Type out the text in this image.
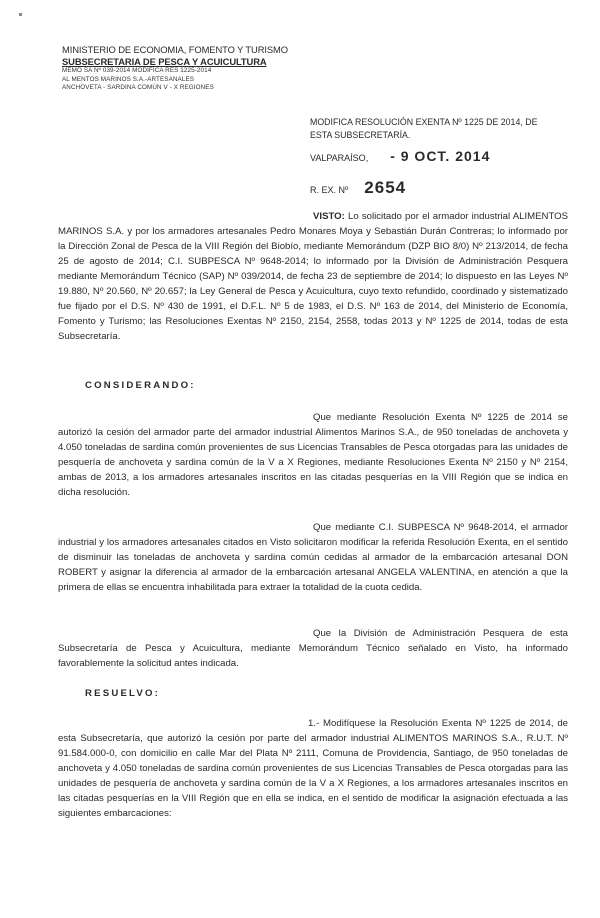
MINISTERIO DE ECONOMIA, FOMENTO Y TURISMO
SUBSECRETARIA DE PESCA Y ACUICULTURA
MEMO SA Nº 039-2014 MODIFICA RES 1225-2014
AL MENTOS MARINOS S.A.-ARTESANALES
ANCHOVETA - SARDINA COMÚN V - X REGIONES
MODIFICA RESOLUCIÓN EXENTA Nº 1225 DE 2014, DE ESTA SUBSECRETARÍA.
VALPARAÍSO, - 9 OCT. 2014
R. EX. Nº 2654
VISTO: Lo solicitado por el armador industrial ALIMENTOS MARINOS S.A. y por los armadores artesanales Pedro Monares Moya y Sebastián Durán Contreras; lo informado por la Dirección Zonal de Pesca de la VIII Región del Biobío, mediante Memorándum (DZP BIO 8/0) Nº 213/2014, de fecha 25 de agosto de 2014; C.I. SUBPESCA Nº 9648-2014; lo informado por la División de Administración Pesquera mediante Memorándum Técnico (SAP) Nº 039/2014, de fecha 23 de septiembre de 2014; lo dispuesto en las Leyes Nº 19.880, Nº 20.560, Nº 20.657; la Ley General de Pesca y Acuicultura, cuyo texto refundido, coordinado y sistematizado fue fijado por el D.S. Nº 430 de 1991, el D.F.L. Nº 5 de 1983, el D.S. Nº 163 de 2014, del Ministerio de Economía, Fomento y Turismo; las Resoluciones Exentas Nº 2150, 2154, 2558, todas 2013 y Nº 1225 de 2014, todas de esta Subsecretaría.
CONSIDERANDO:
Que mediante Resolución Exenta Nº 1225 de 2014 se autorizó la cesión del armador parte del armador industrial Alimentos Marinos S.A., de 950 toneladas de anchoveta y 4.050 toneladas de sardina común provenientes de sus Licencias Transables de Pesca otorgadas para las unidades de pesquería de anchoveta y sardina común de la V a X Regiones, mediante Resoluciones Exenta Nº 2150 y Nº 2154, ambas de 2013, a los armadores artesanales inscritos en las citadas pesquerías en la VIII Región que se indica en dicha resolución.
Que mediante C.I. SUBPESCA Nº 9648-2014, el armador industrial y los armadores artesanales citados en Visto solicitaron modificar la referida Resolución Exenta, en el sentido de disminuir las toneladas de anchoveta y sardina común cedidas al armador de la embarcación artesanal DON ROBERT y asignar la diferencia al armador de la embarcación artesanal ANGELA VALENTINA, en atención a que la primera de ellas se encuentra inhabilitada para extraer la totalidad de la cuota cedida.
Que la División de Administración Pesquera de esta Subsecretaría de Pesca y Acuicultura, mediante Memorándum Técnico señalado en Visto, ha informado favorablemente la solicitud antes indicada.
RESUELVO:
1.- Modifíquese la Resolución Exenta Nº 1225 de 2014, de esta Subsecretaría, que autorizó la cesión por parte del armador industrial ALIMENTOS MARINOS S.A., R.U.T. Nº 91.584.000-0, con domicilio en calle Mar del Plata Nº 2111, Comuna de Providencia, Santiago, de 950 toneladas de anchoveta y 4.050 toneladas de sardina común provenientes de sus Licencias Transables de Pesca otorgadas para las unidades de pesquería de anchoveta y sardina común de la V a X Regiones, a los armadores artesanales inscritos en las citadas pesquerías en la VIII Región que en ella se indica, en el sentido de modificar la asignación efectuada a las siguientes embarcaciones:
